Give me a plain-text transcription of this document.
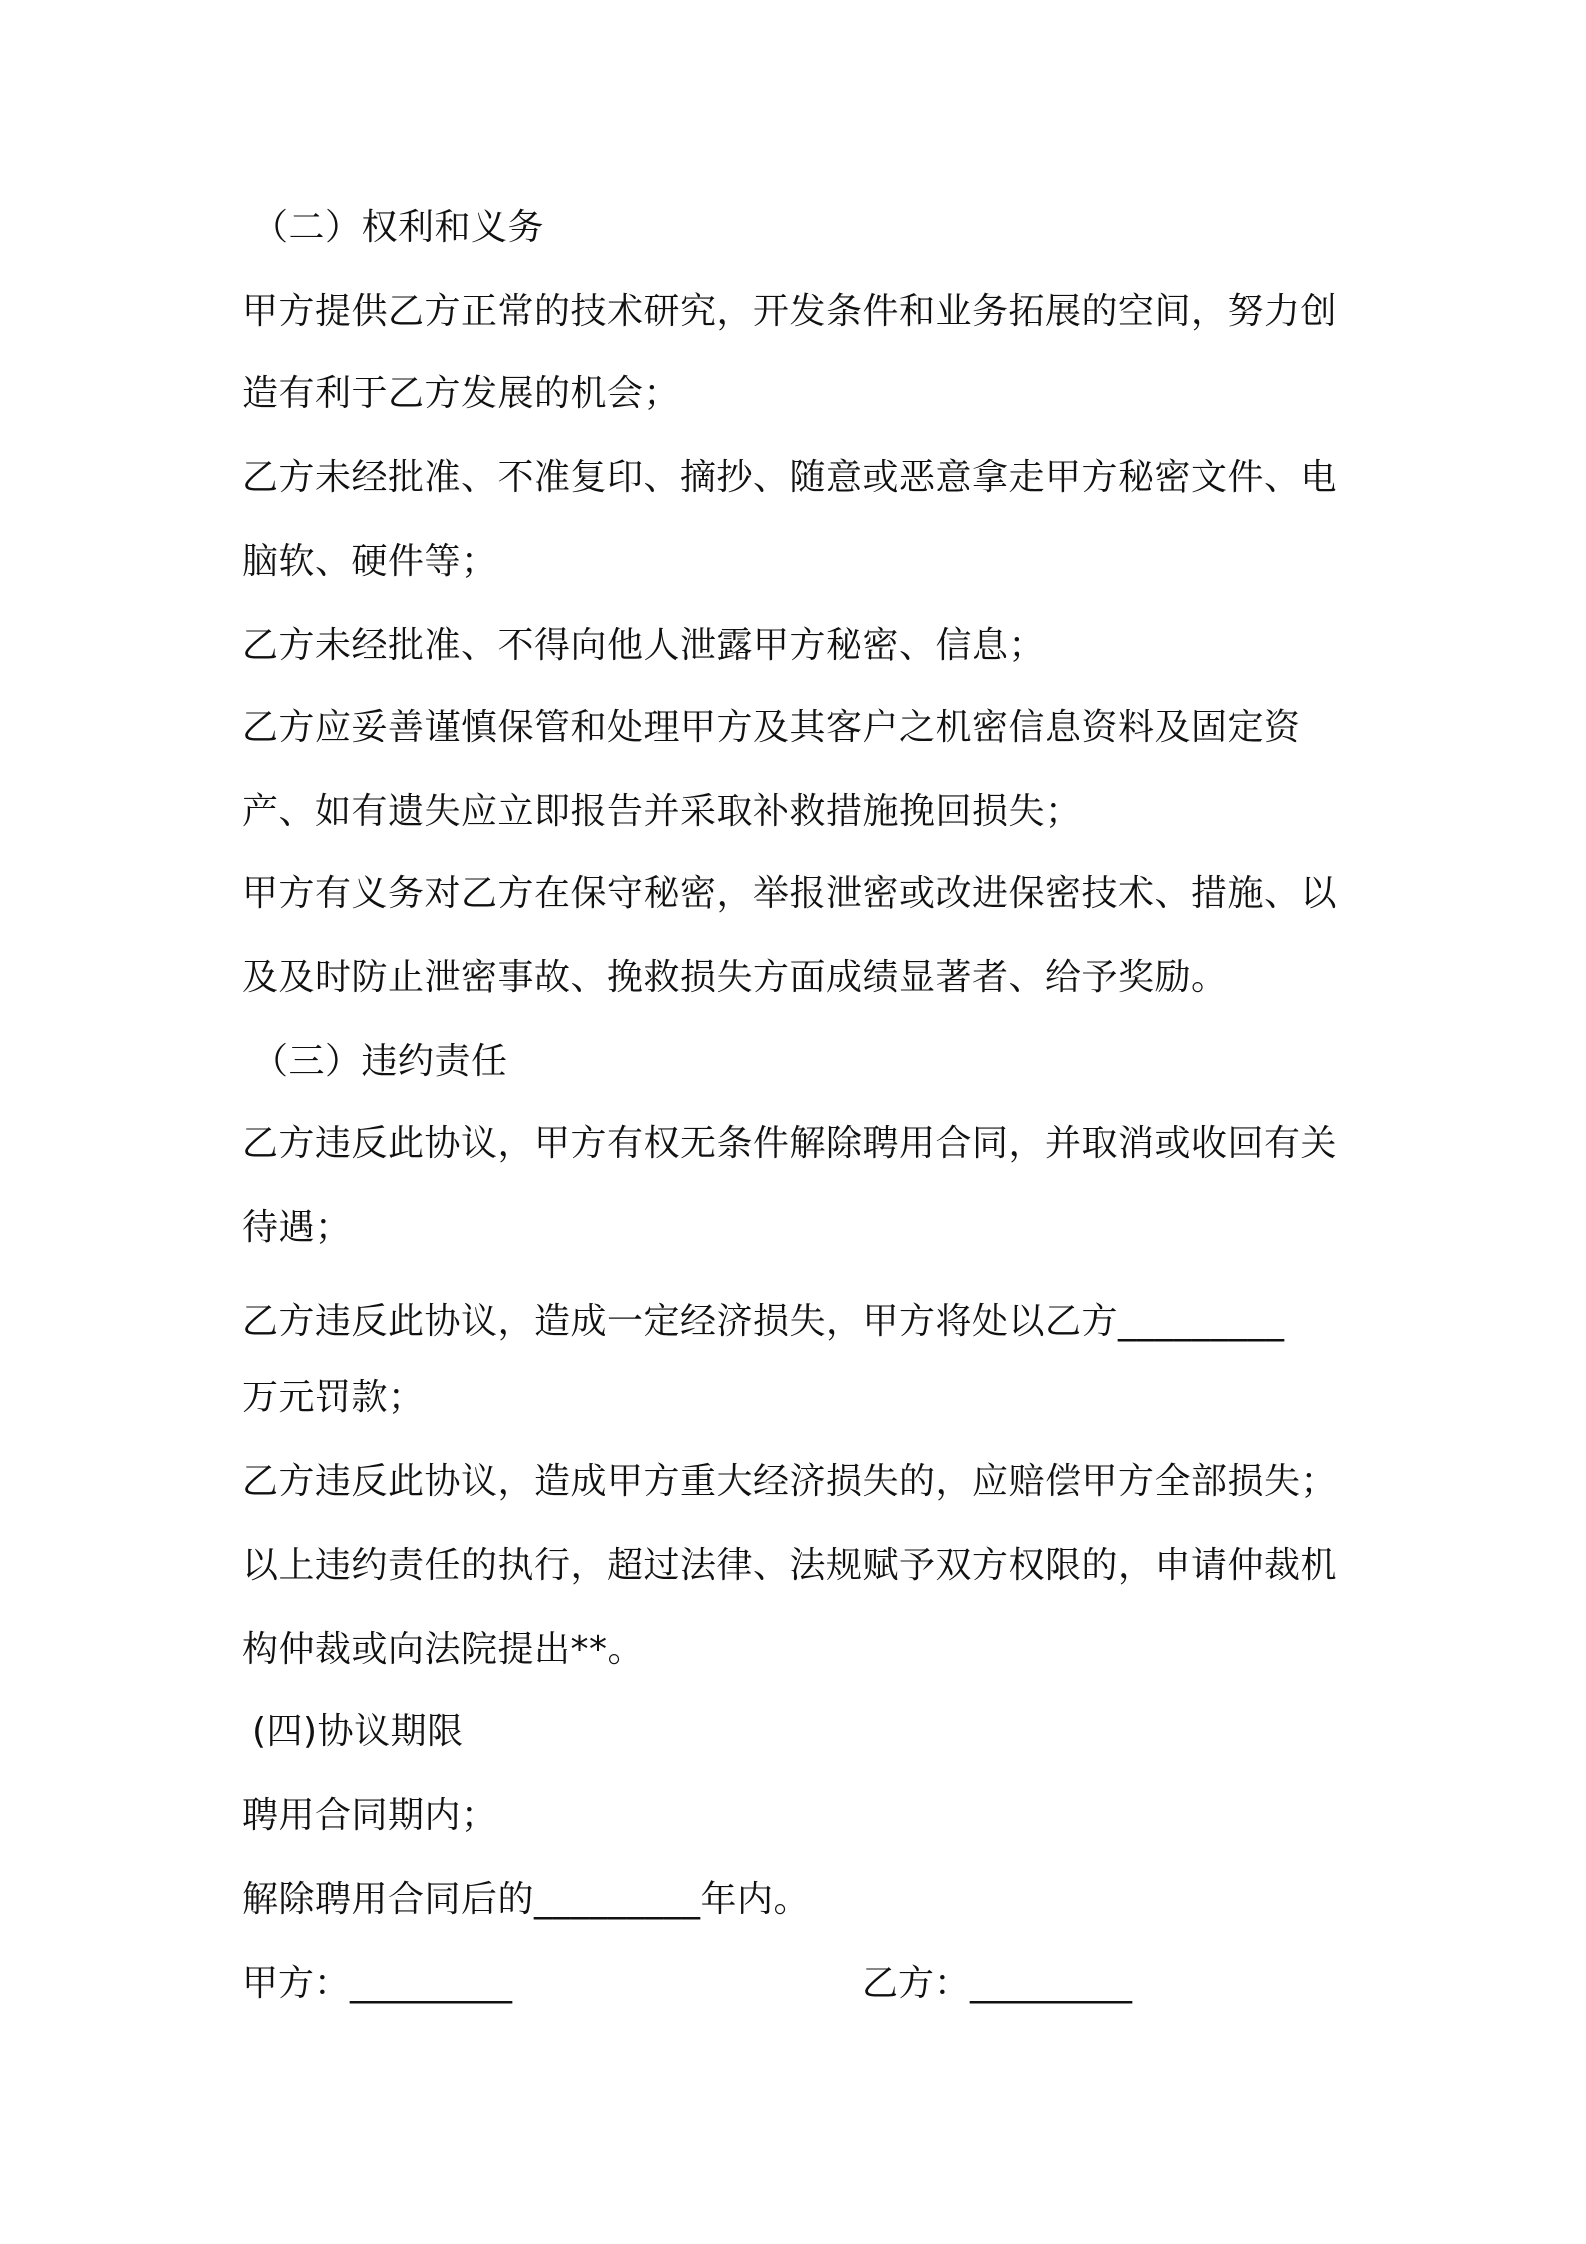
（二）权利和义务
甲方提供乙方正常的技术研究，开发条件和业务拓展的空间，努力创
造有利于乙方发展的机会；
乙方未经批准、不准复印、摘抄、随意或恶意拿走甲方秘密文件、电
脑软、硬件等；
乙方未经批准、不得向他人泄露甲方秘密、信息；
乙方应妥善谨慎保管和处理甲方及其客户之机密信息资料及固定资
产、如有遗失应立即报告并采取补救措施挽回损失；
甲方有义务对乙方在保守秘密，举报泄密或改进保密技术、措施、以
及及时防止泄密事故、挽救损失方面成绩显著者、给予奖励。
（三）违约责任
乙方违反此协议，甲方有权无条件解除聘用合同，并取消或收回有关
待遇；
乙方违反此协议，造成一定经济损失，甲方将处以乙方_________
万元罚款；
乙方违反此协议，造成甲方重大经济损失的，应赔偿甲方全部损失；
以上违约责任的执行，超过法律、法规赋予双方权限的，申请仲裁机
构仲裁或向法院提出**。
(四)协议期限
聘用合同期内；
解除聘用合同后的_________年内。
甲方：_________	乙方：_________
